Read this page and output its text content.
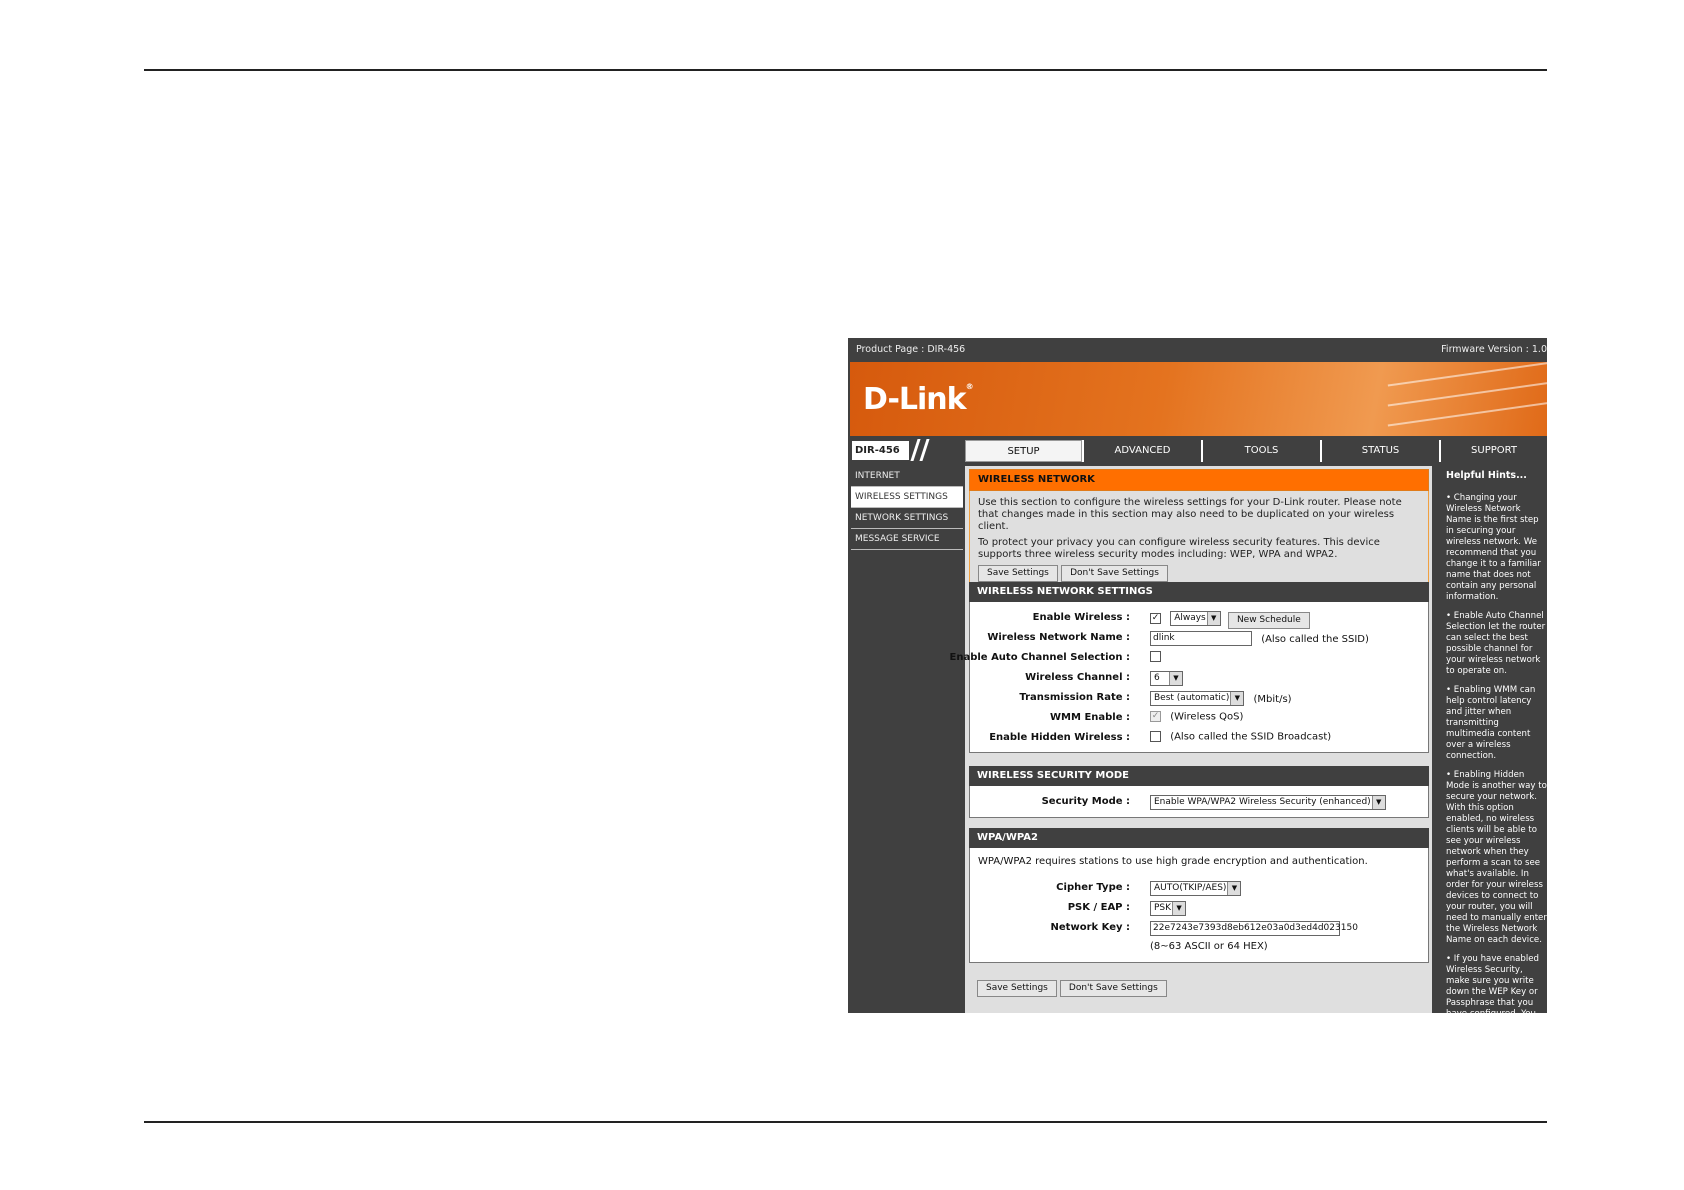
Product Page : DIR-456	Firmware Version : 1.0
D-Link®
DIR-456	SETUP	ADVANCED	TOOLS	STATUS	SUPPORT
INTERNET
WIRELESS SETTINGS
NETWORK SETTINGS
MESSAGE SERVICE
WIRELESS NETWORK

Use this section to configure the wireless settings for your D-Link router. Please note that changes made in this section may also need to be duplicated on your wireless client.

To protect your privacy you can configure wireless security features. This device supports three wireless security modes including: WEP, WPA and WPA2.

Save Settings Don't Save Settings
WIRELESS NETWORK SETTINGS
Enable Wireless : ✓ Always ▼	New Schedule
Wireless Network Name :	dlink	(Also called the SSID)
Enable Auto Channel Selection :
Wireless Channel :	6	▼
Transmission Rate :	Best (automatic) ▼	(Mbit/s)
WMM Enable : ✓ (Wireless QoS)
Enable Hidden Wireless :	(Also called the SSID Broadcast)
WIRELESS SECURITY MODE
Security Mode :	Enable WPA/WPA2 Wireless Security (enhanced) ▼
WPA/WPA2
WPA/WPA2 requires stations to use high grade encryption and authentication.
Cipher Type :	AUTO(TKIP/AES) ▼
PSK / EAP :	PSK ▼
Network Key :	22e7243e7393d8eb612e03a0d3ed4d023150
(8~63 ASCII or 64 HEX)
Save Settings Don't Save Settings
Helpful Hints...
• Changing your Wireless Network Name is the first step in securing your wireless network. We recommend that you change it to a familiar name that does not contain any personal information.
• Enable Auto Channel Selection let the router can select the best possible channel for your wireless network to operate on.
• Enabling WMM can help control latency and jitter when transmitting multimedia content over a wireless connection.
• Enabling Hidden Mode is another way to secure your network. With this option enabled, no wireless clients will be able to see your wireless network when they perform a scan to see what's available. In order for your wireless devices to connect to your router, you will need to manually enter the Wireless Network Name on each device.
• If you have enabled Wireless Security, make sure you write down the WEP Key or Passphrase that you have configured. You will need to enter this information on any wireless device that you connect to your wireless network.
